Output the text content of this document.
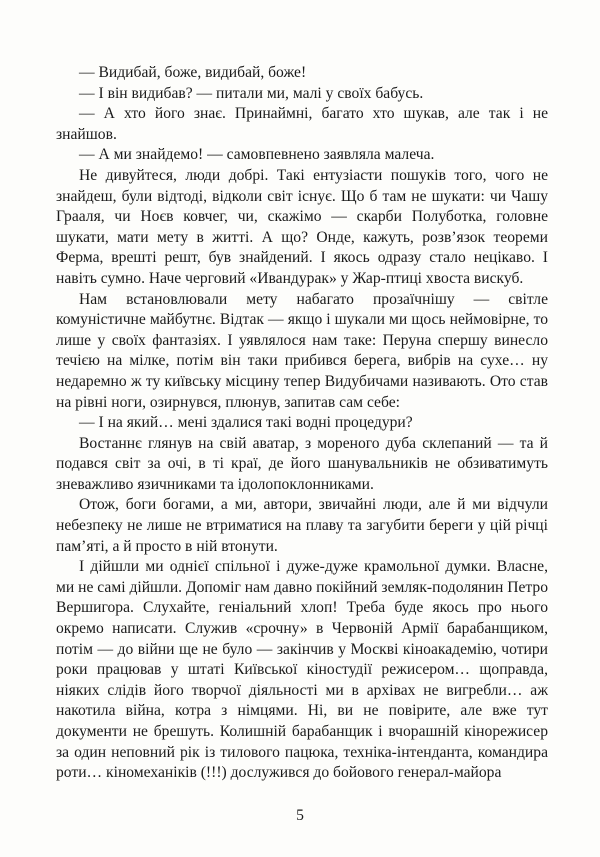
— Видибай, боже, видибай, боже!

— І він видибав? — питали ми, малі у своїх бабусь.

— А хто його знає. Принаймні, багато хто шукав, але так і не знайшов.

— А ми знайдемо! — самовпевнено заявляла малеча.

Не дивуйтеся, люди добрі. Такі ентузіасти пошуків того, чого не знайдеш, були відтоді, відколи світ існує. Що б там не шукати: чи Чашу Грааля, чи Ноєв ковчег, чи, скажімо — скарби Полуботка, головне шукати, мати мету в житті. А що? Онде, кажуть, розв’язок теореми Ферма, врешті решт, був знайдений. І якось одразу стало нецікаво. І навіть сумно. Наче черговий «Ивандурак» у Жар-птиці хвоста вискуб.

Нам встановлювали мету набагато прозаїчнішу — світле комуністичне майбутнє. Відтак — якщо і шукали ми щось неймовірне, то лише у своїх фантазіях. І уявлялося нам таке: Перуна спершу винесло течією на мілке, потім він таки прибився берега, вибрів на сухе… ну недаремно ж ту київську місцину тепер Видубичами називають. Ото став на рівні ноги, озирнувся, плюнув, запитав сам себе:

— І на який… мені здалися такі водні процедури?

Востаннє глянув на свій аватар, з мореного дуба склепаний — та й подався світ за очі, в ті краї, де його шанувальників не обзиватимуть зневажливо язичниками та ідолопоклонниками.

Отож, боги богами, а ми, автори, звичайні люди, але й ми відчули небезпеку не лише не втриматися на плаву та загубити береги у цій річці пам’яті, а й просто в ній втонути.

І дійшли ми однієї спільної і дуже-дуже крамольної думки. Власне, ми не самі дійшли. Допоміг нам давно покійний земляк-подолянин Петро Вершигора. Слухайте, геніальний хлоп! Треба буде якось про нього окремо написати. Служив «срочну» в Червоній Армії барабанщиком, потім — до війни ще не було — закінчив у Москві кіноакадемію, чотири роки працював у штаті Київської кіностудії режисером… щоправда, ніяких слідів його творчої діяльності ми в архівах не вигребли… аж накотила війна, котра з німцями. Ні, ви не повірите, але вже тут документи не брешуть. Колишній барабанщик і вчорашній кінорежисер за один неповний рік із тилового пацюка, техніка-інтенданта, командира роти… кіномеханіків (!!!) дослужився до бойового генерал-майора

5
